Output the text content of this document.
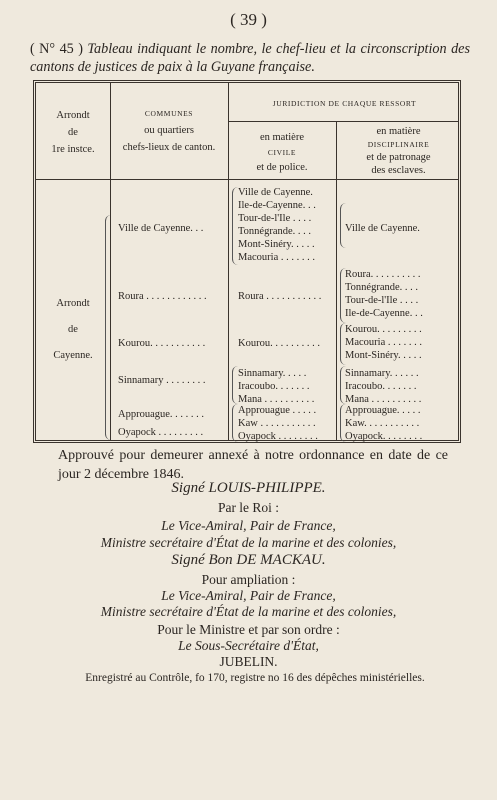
( 39 )
( N° 45 ) Tableau indiquant le nombre, le chef-lieu et la circonscription des cantons de justices de paix à la Guyane française.
Arrondt
de
1re instce.
COMMUNES
ou quartiers
chefs-lieux de canton.
JURIDICTION DE CHAQUE RESSORT
en matière
CIVILE
et de police.
en matière
DISCIPLINAIRE
et de patronage
des esclaves.
Arrondt
de
Cayenne.
Ville de Cayenne. . .
Roura . . . . . . . . . . . .
Kourou. . . . . . . . . . .
Sinnamary . . . . . . . .
Approuague. . . . . . .
Oyapock . . . . . . . . .
Ville de Cayenne.
Ile-de-Cayenne. . .
Tour-de-l'Ile . . . .
Tonnégrande. . . .
Mont-Sinéry. . . . .
Macouria . . . . . . .
Roura . . . . . . . . . . .
Kourou. . . . . . . . . .
Sinnamary. . . . .
Iracoubo. . . . . . .
Mana . . . . . . . . . .
Approuague . . . . .
Kaw . . . . . . . . . . .
Oyapock . . . . . . . .
Ville de Cayenne.
Roura. . . . . . . . . .
Tonnégrande. . . .
Tour-de-l'Ile . . . .
Ile-de-Cayenne. . .
Kourou. . . . . . . . .
Macouria . . . . . . .
Mont-Sinéry. . . . .
Sinnamary. . . . . .
Iracoubo. . . . . . .
Mana . . . . . . . . . .
Approuague. . . . .
Kaw. . . . . . . . . . .
Oyapock. . . . . . . .
Approuvé pour demeurer annexé à notre ordonnance en date de ce jour 2 décembre 1846.
Signé LOUIS-PHILIPPE.
Par le Roi :
Le Vice-Amiral, Pair de France,
Ministre secrétaire d'État de la marine et des colonies,
Signé Bon DE MACKAU.
Pour ampliation :
Le Vice-Amiral, Pair de France,
Ministre secrétaire d'État de la marine et des colonies,
Pour le Ministre et par son ordre :
Le Sous-Secrétaire d'État,
JUBELIN.
Enregistré au Contrôle, fo 170, registre no 16 des dépêches ministérielles.
